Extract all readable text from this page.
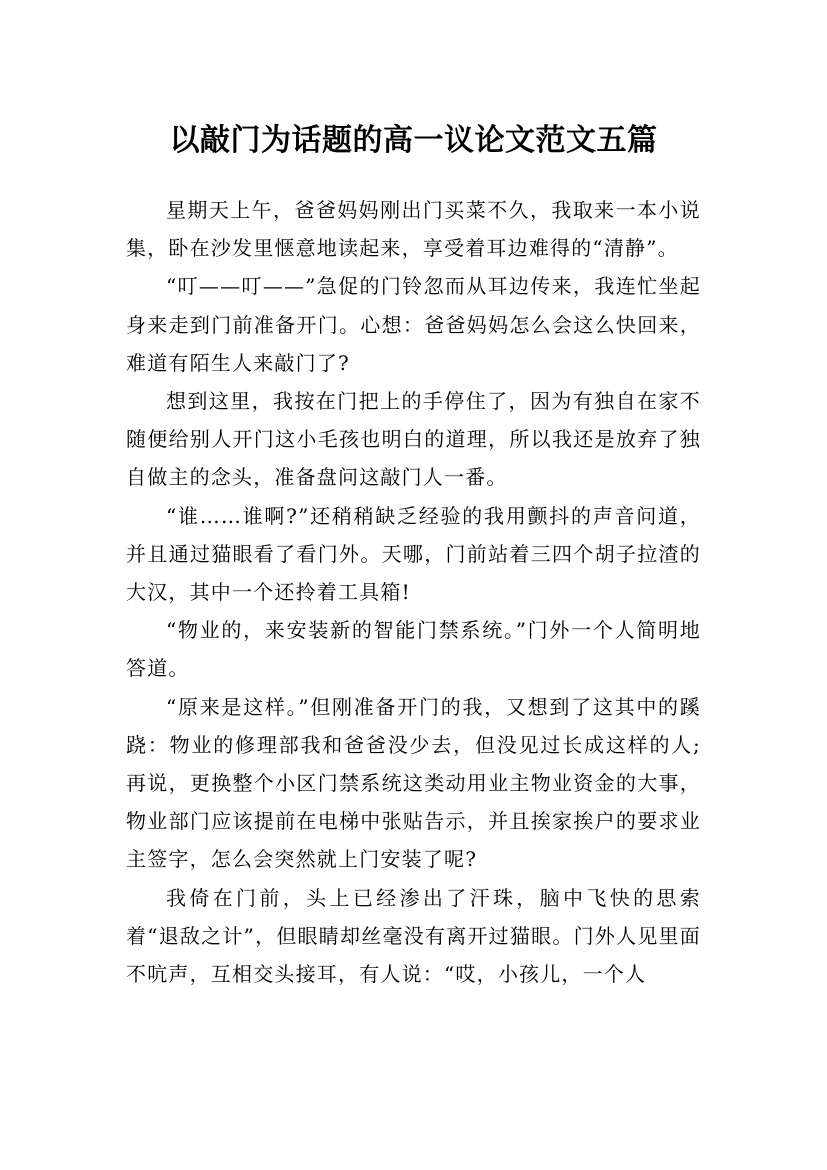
以敲门为话题的高一议论文范文五篇

星期天上午，爸爸妈妈刚出门买菜不久，我取来一本小说集，卧在沙发里惬意地读起来，享受着耳边难得的“清静”。

“叮——叮——”急促的门铃忽而从耳边传来，我连忙坐起身来走到门前准备开门。心想：爸爸妈妈怎么会这么快回来，难道有陌生人来敲门了?

想到这里，我按在门把上的手停住了，因为有独自在家不随便给别人开门这小毛孩也明白的道理，所以我还是放弃了独自做主的念头，准备盘问这敲门人一番。

“谁……谁啊?”还稍稍缺乏经验的我用颤抖的声音问道，并且通过猫眼看了看门外。天哪，门前站着三四个胡子拉渣的大汉，其中一个还拎着工具箱!

“物业的，来安装新的智能门禁系统。”门外一个人简明地答道。

“原来是这样。”但刚准备开门的我，又想到了这其中的蹊跷：物业的修理部我和爸爸没少去，但没见过长成这样的人;再说，更换整个小区门禁系统这类动用业主物业资金的大事，物业部门应该提前在电梯中张贴告示，并且挨家挨户的要求业主签字，怎么会突然就上门安装了呢?

我倚在门前，头上已经渗出了汗珠，脑中飞快的思索着“退敌之计”，但眼睛却丝毫没有离开过猫眼。门外人见里面不吭声，互相交头接耳，有人说：“哎，小孩儿，一个人
